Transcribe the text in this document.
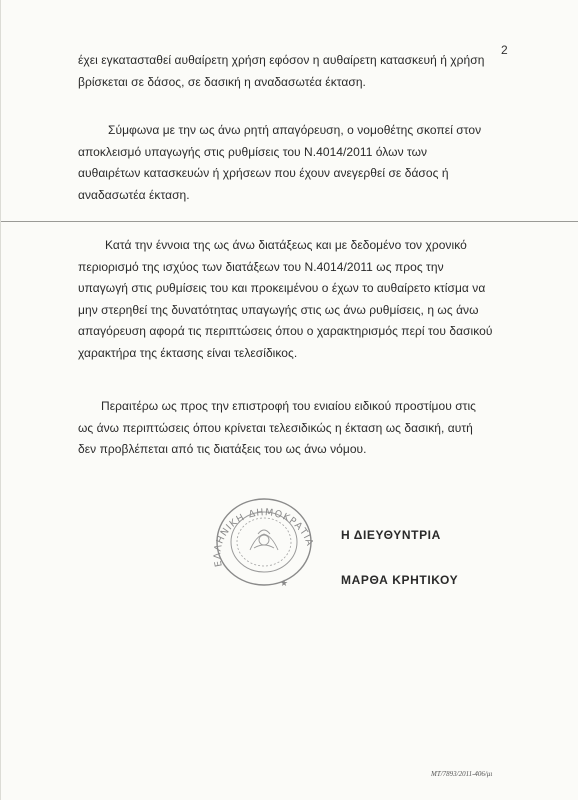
2
έχει εγκατασταθεί αυθαίρετη χρήση εφόσον η αυθαίρετη κατασκευή ή χρήση
βρίσκεται σε δάσος, σε δασική η αναδασωτέα έκταση.
Σύμφωνα με την ως άνω ρητή απαγόρευση, ο νομοθέτης σκοπεί στον
αποκλεισμό υπαγωγής στις ρυθμίσεις του Ν.4014/2011 όλων των
αυθαιρέτων κατασκευών ή χρήσεων που έχουν ανεγερθεί σε δάσος ή
αναδασωτέα έκταση.
Κατά την έννοια της ως άνω διατάξεως και με δεδομένο τον χρονικό
περιορισμό της ισχύος των διατάξεων του Ν.4014/2011 ως προς την
υπαγωγή στις ρυθμίσεις του και προκειμένου ο έχων το αυθαίρετο κτίσμα να
μην στερηθεί της δυνατότητας υπαγωγής στις ως άνω ρυθμίσεις, η ως άνω
απαγόρευση αφορά τις περιπτώσεις όπου ο χαρακτηρισμός περί του δασικού
χαρακτήρα της έκτασης είναι τελεσίδικος.
Περαιτέρω ως προς την επιστροφή του ενιαίου ειδικού προστίμου στις
ως άνω περιπτώσεις όπου κρίνεται τελεσιδικώς η έκταση ως δασική, αυτή
δεν προβλέπεται από τις διατάξεις του ως άνω νόμου.
ΕΛΛΗΝΙΚΗ ΔΗΜΟΚΡΑΤΙΑ
★
Η ΔΙΕΥΘΥΝΤΡΙΑ
ΜΑΡΘΑ ΚΡΗΤΙΚΟΥ
ΜΤ/7893/2011-406/μι
